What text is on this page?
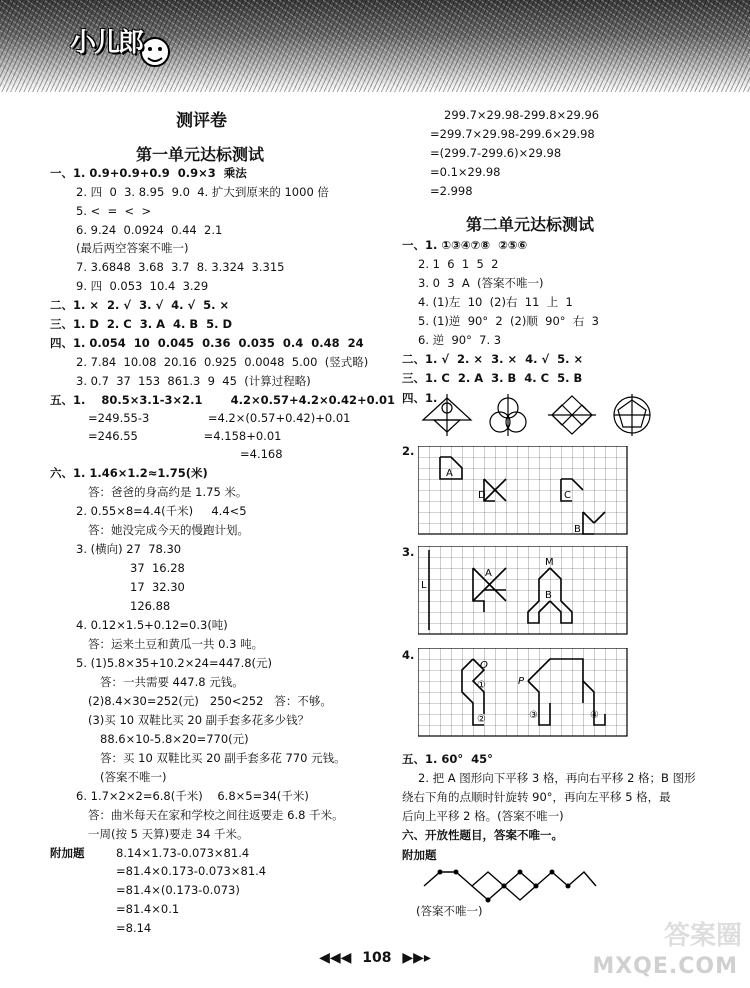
小儿郎
测评卷
第一单元达标测试
一、1. 0.9+0.9+0.9  0.9×3  乘法
2. 四  0  3. 8.95  9.0  4. 扩大到原来的 1000 倍
5. <  =  <  >
6. 9.24  0.0924  0.44  2.1
(最后两空答案不唯一)
7. 3.6848  3.68  3.7  8. 3.324  3.315
9. 四  0.053  10.4  3.29
二、1. ×  2. √  3. √  4. √  5. ×
三、1. D  2. C  3. A  4. B  5. D
四、1. 0.054  10  0.045  0.36  0.035  0.4  0.48  24
2. 7.84  10.08  20.16  0.925  0.0048  5.00  (竖式略)
3. 0.7  37  153  861.3  9  45  (计算过程略)
五、1.    80.5×3.1-3×2.1       4.2×0.57+4.2×0.42+0.01
=249.55-3                =4.2×(0.57+0.42)+0.01
=246.55                  =4.158+0.01
=4.168
六、1. 1.46×1.2≈1.75(米)
答：爸爸的身高约是 1.75 米。
2. 0.55×8=4.4(千米)     4.4<5
答：她没完成今天的慢跑计划。
3. (横向) 27  78.30
37  16.28
17  32.30
126.88
4. 0.12×1.5+0.12=0.3(吨)
答：运来土豆和黄瓜一共 0.3 吨。
5. (1)5.8×35+10.2×24=447.8(元)
答：一共需要 447.8 元钱。
(2)8.4×30=252(元)   250<252   答：不够。
(3)买 10 双鞋比买 20 副手套多花多少钱？
88.6×10-5.8×20=770(元)
答：买 10 双鞋比买 20 副手套多花 770 元钱。
(答案不唯一)
6. 1.7×2×2=6.8(千米)    6.8×5=34(千米)
答：曲米每天在家和学校之间往返要走 6.8 千米。
一周(按 5 天算)要走 34 千米。
附加题	8.14×1.73-0.073×81.4
=81.4×0.173-0.073×81.4
=81.4×(0.173-0.073)
=81.4×0.1
=8.14
299.7×29.98-299.8×29.96
=299.7×29.98-299.6×29.98
=(299.7-299.6)×29.98
=0.1×29.98
=2.998
第二单元达标测试
一、1. ①③④⑦⑧  ②⑤⑥
2. 1  6  1  5  2
3. 0  3  A  (答案不唯一)
4. (1)左  10  (2)右  11  上  1
5. (1)逆  90°  2  (2)顺  90°  右  3
6. 逆  90°  7. 3
二、1. √  2. ×  3. ×  4. √  5. ×
三、1. C  2. A  3. B  4. C  5. B
四、1.
2.
A
D	C
B
3.
L
A
M
B
4.
O
P
①
②	③	④
五、1. 60°  45°
2. 把 A 图形向下平移 3 格，再向右平移 2 格；B 图形
绕右下角的点顺时针旋转 90°，再向左平移 5 格，最
后向上平移 2 格。(答案不唯一)
六、开放性题目，答案不唯一。
附加题
(答案不唯一)
◀◀◀ 108 ▶▶▸
答案圈
MXQE.COM
